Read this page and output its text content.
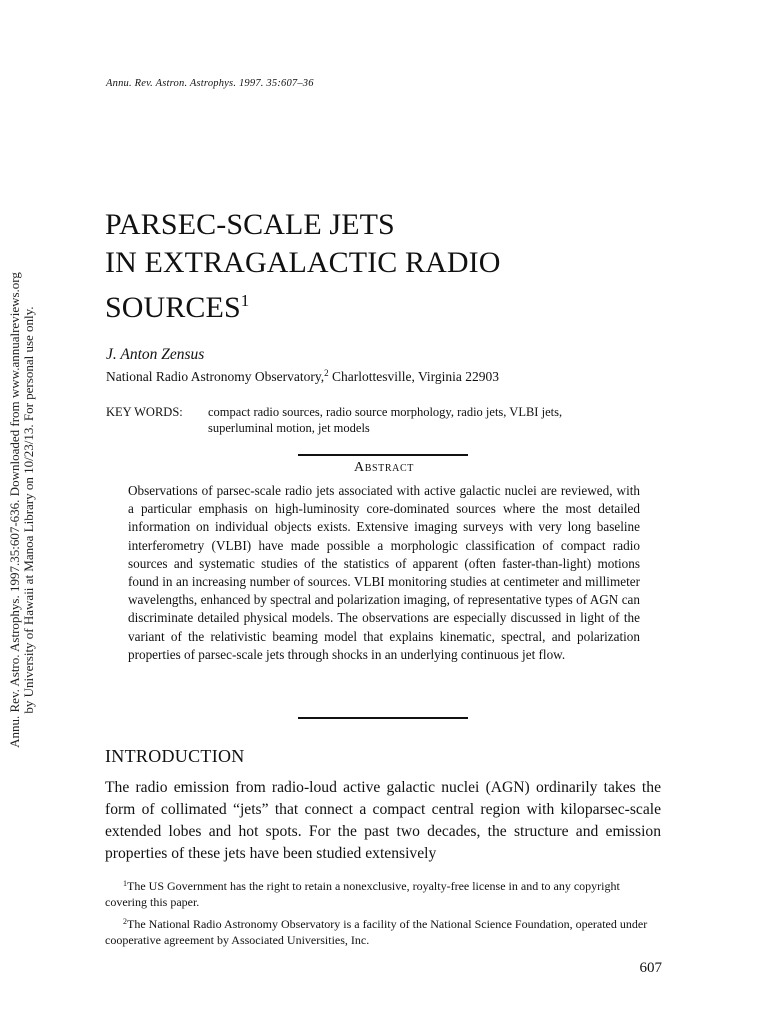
Annu. Rev. Astro. Astrophys. 1997.35:607-636. Downloaded from www.annualreviews.org by University of Hawaii at Manoa Library on 10/23/13. For personal use only.
Annu. Rev. Astron. Astrophys. 1997. 35:607–36
PARSEC-SCALE JETS
IN EXTRAGALACTIC RADIO
SOURCES$^1$
J. Anton Zensus
National Radio Astronomy Observatory,$^2$ Charlottesville, Virginia 22903
KEY WORDS: compact radio sources, radio source morphology, radio jets, VLBI jets,
superluminal motion, jet models
Abstract
Observations of parsec-scale radio jets associated with active galactic nuclei are reviewed, with a particular emphasis on high-luminosity core-dominated sources where the most detailed information on individual objects exists. Extensive imaging surveys with very long baseline interferometry (VLBI) have made possible a morphologic classification of compact radio sources and systematic studies of the statistics of apparent (often faster-than-light) motions found in an increasing number of sources. VLBI monitoring studies at centimeter and millimeter wavelengths, enhanced by spectral and polarization imaging, of representative types of AGN can discriminate detailed physical models. The observations are especially discussed in light of the variant of the relativistic beaming model that explains kinematic, spectral, and polarization properties of parsec-scale jets through shocks in an underlying continuous jet flow.
INTRODUCTION
The radio emission from radio-loud active galactic nuclei (AGN) ordinarily takes the form of collimated “jets” that connect a compact central region with kiloparsec-scale extended lobes and hot spots. For the past two decades, the structure and emission properties of these jets have been studied extensively

$^1$The US Government has the right to retain a nonexclusive, royalty-free license in and to any copyright covering this paper.

$^2$The National Radio Astronomy Observatory is a facility of the National Science Foundation, operated under cooperative agreement by Associated Universities, Inc.

607
